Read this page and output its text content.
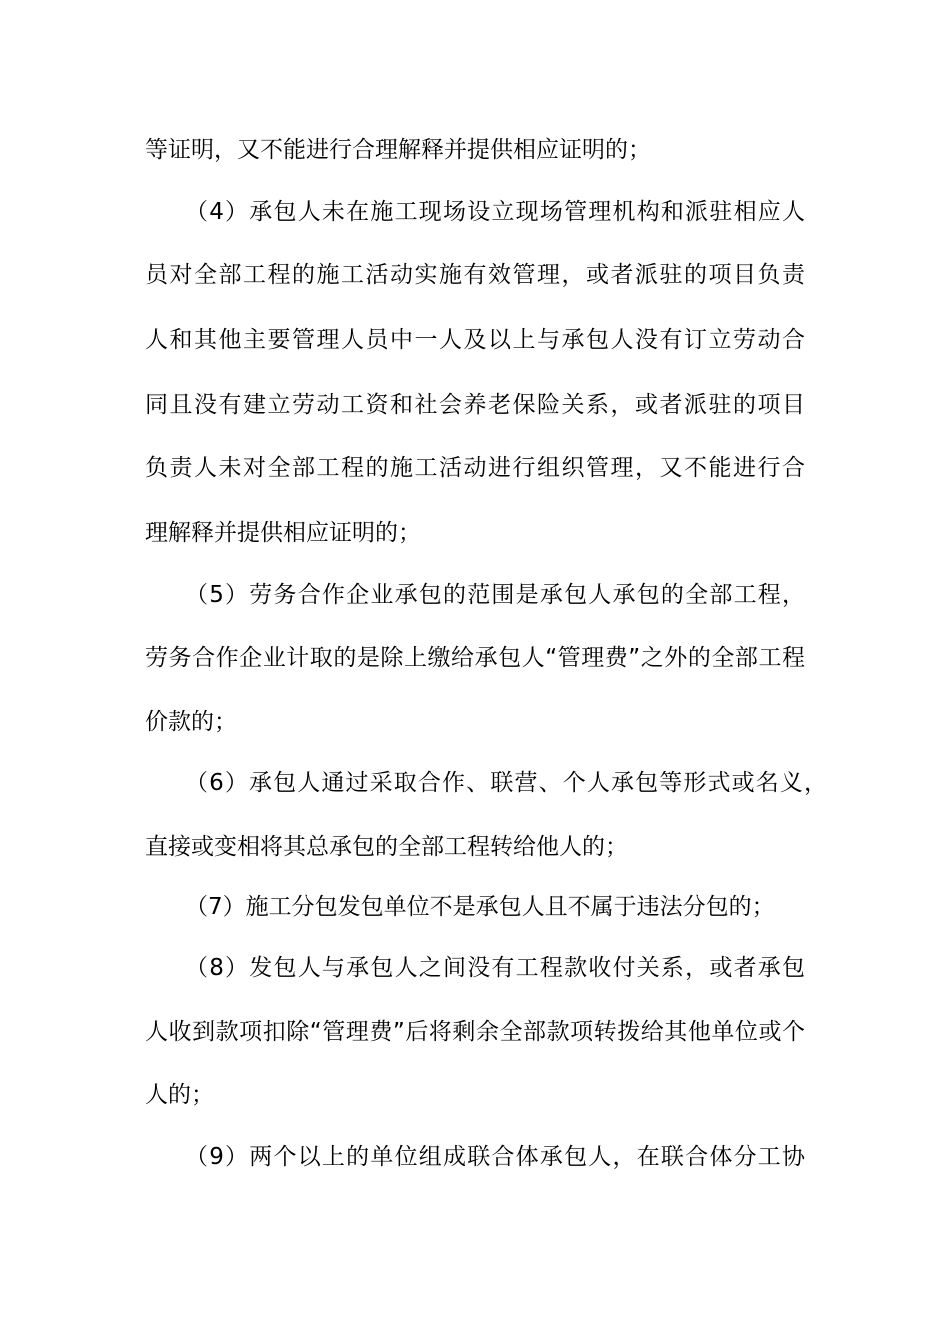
等证明，又不能进行合理解释并提供相应证明的；
（4）承包人未在施工现场设立现场管理机构和派驻相应人
员对全部工程的施工活动实施有效管理，或者派驻的项目负责
人和其他主要管理人员中一人及以上与承包人没有订立劳动合
同且没有建立劳动工资和社会养老保险关系，或者派驻的项目
负责人未对全部工程的施工活动进行组织管理，又不能进行合
理解释并提供相应证明的；
（5）劳务合作企业承包的范围是承包人承包的全部工程，
劳务合作企业计取的是除上缴给承包人“管理费”之外的全部工程
价款的；
（6）承包人通过采取合作、联营、个人承包等形式或名义，
直接或变相将其总承包的全部工程转给他人的；
（7）施工分包发包单位不是承包人且不属于违法分包的；
（8）发包人与承包人之间没有工程款收付关系，或者承包
人收到款项扣除“管理费”后将剩余全部款项转拨给其他单位或个
人的；
（9）两个以上的单位组成联合体承包人，在联合体分工协
